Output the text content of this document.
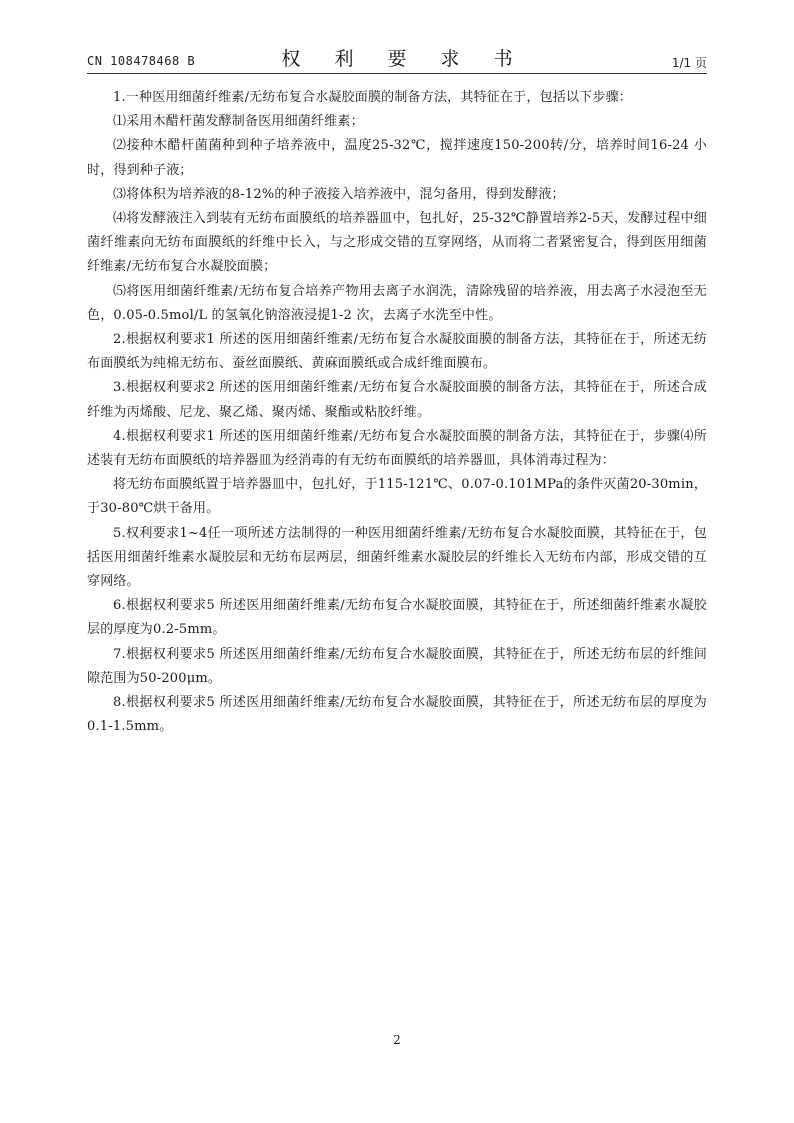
CN 108478468 B	权 利 要 求 书	1/1 页

1.一种医用细菌纤维素/无纺布复合水凝胶面膜的制备方法，其特征在于，包括以下步骤：

⑴采用木醋杆菌发酵制备医用细菌纤维素；

⑵接种木醋杆菌菌种到种子培养液中，温度25-32℃，搅拌速度150-200转/分，培养时间16-24 小时，得到种子液；

⑶将体积为培养液的8-12%的种子液接入培养液中，混匀备用，得到发酵液；

⑷将发酵液注入到装有无纺布面膜纸的培养器皿中，包扎好，25-32℃静置培养2-5天，发酵过程中细菌纤维素向无纺布面膜纸的纤维中长入，与之形成交错的互穿网络，从而将二者紧密复合，得到医用细菌纤维素/无纺布复合水凝胶面膜；

⑸将医用细菌纤维素/无纺布复合培养产物用去离子水润洗，清除残留的培养液，用去离子水浸泡至无色，0.05-0.5mol/L 的氢氧化钠溶液浸提1-2 次，去离子水洗至中性。

2.根据权利要求1 所述的医用细菌纤维素/无纺布复合水凝胶面膜的制备方法，其特征在于，所述无纺布面膜纸为纯棉无纺布、蚕丝面膜纸、黄麻面膜纸或合成纤维面膜布。

3.根据权利要求2 所述的医用细菌纤维素/无纺布复合水凝胶面膜的制备方法，其特征在于，所述合成纤维为丙烯酸、尼龙、聚乙烯、聚丙烯、聚酯或粘胶纤维。

4.根据权利要求1 所述的医用细菌纤维素/无纺布复合水凝胶面膜的制备方法，其特征在于，步骤⑷所述装有无纺布面膜纸的培养器皿为经消毒的有无纺布面膜纸的培养器皿，具体消毒过程为：

将无纺布面膜纸置于培养器皿中，包扎好，于115-121℃、0.07-0.101MPa的条件灭菌20-30min，于30-80℃烘干备用。

5.权利要求1~4任一项所述方法制得的一种医用细菌纤维素/无纺布复合水凝胶面膜，其特征在于，包括医用细菌纤维素水凝胶层和无纺布层两层，细菌纤维素水凝胶层的纤维长入无纺布内部，形成交错的互穿网络。

6.根据权利要求5 所述医用细菌纤维素/无纺布复合水凝胶面膜，其特征在于，所述细菌纤维素水凝胶层的厚度为0.2-5mm。

7.根据权利要求5 所述医用细菌纤维素/无纺布复合水凝胶面膜，其特征在于，所述无纺布层的纤维间隙范围为50-200μm。

8.根据权利要求5 所述医用细菌纤维素/无纺布复合水凝胶面膜，其特征在于，所述无纺布层的厚度为0.1-1.5mm。

2
